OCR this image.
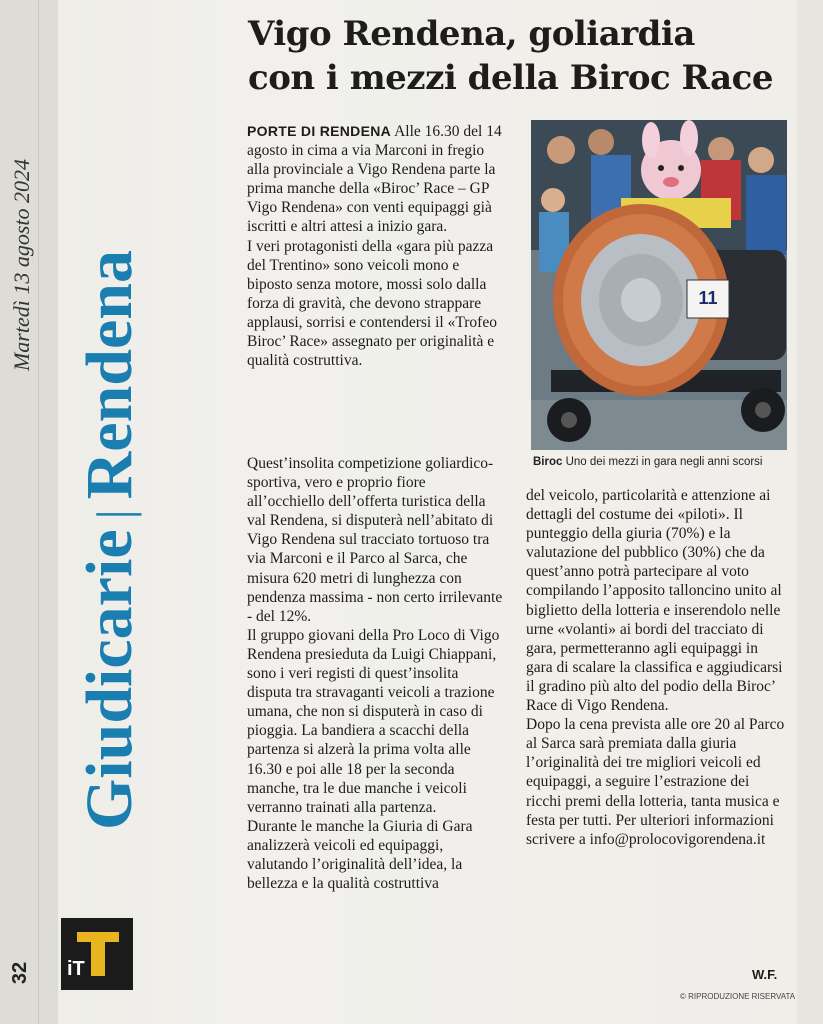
Martedì 13 agosto 2024
Giudicarie|Rendena
32 iT
Vigo Rendena, goliardia
con i mezzi della Biroc Race

PORTE DI RENDENA Alle 16.30 del 14 agosto in cima a via Marconi in fregio alla provinciale a Vigo Rendena parte la prima manche della «Biroc’ Race – GP Vigo Rendena» con venti equipaggi già iscritti e altri attesi a inizio gara.

I veri protagonisti della «gara più pazza del Trentino» sono veicoli mono e biposto senza motore, mossi solo dalla forza di gravità, che devono strappare applausi, sorrisi e contendersi il «Trofeo Biroc’ Race» assegnato per originalità e qualità costruttiva.

Quest’insolita competizione goliardico-sportiva, vero e proprio fiore all’occhiello dell’offerta turistica della val Rendena, si disputerà nell’abitato di Vigo Rendena sul tracciato tortuoso tra via Marconi e il Parco al Sarca, che misura 620 metri di lunghezza con pendenza massima - non certo irrilevante - del 12%.

Il gruppo giovani della Pro Loco di Vigo Rendena presieduta da Luigi Chiappani, sono i veri registi di quest’insolita disputa tra stravaganti veicoli a trazione umana, che non si disputerà in caso di pioggia. La bandiera a scacchi della partenza si alzerà la prima volta alle 16.30 e poi alle 18 per la seconda manche, tra le due manche i veicoli verranno trainati alla partenza.

Durante le manche la Giuria di Gara analizzerà veicoli ed equipaggi, valutando l’originalità dell’idea, la bellezza e la qualità costruttiva

11
Biroc Uno dei mezzi in gara negli anni scorsi

del veicolo, particolarità e attenzione ai dettagli del costume dei «piloti». Il punteggio della giuria (70%) e la valutazione del pubblico (30%) che da quest’anno potrà partecipare al voto compilando l’apposito talloncino unito al biglietto della lotteria e inserendolo nelle urne «volanti» ai bordi del tracciato di gara, permetteranno agli equipaggi in gara di scalare la classifica e aggiudicarsi il gradino più alto del podio della Biroc’ Race di Vigo Rendena.

Dopo la cena prevista alle ore 20 al Parco al Sarca sarà premiata dalla giuria l’originalità dei tre migliori veicoli ed equipaggi, a seguire l’estrazione dei ricchi premi della lotteria, tanta musica e festa per tutti. Per ulteriori informazioni scrivere a info@prolocovigorendena.it

W.F.
© RIPRODUZIONE RISERVATA
